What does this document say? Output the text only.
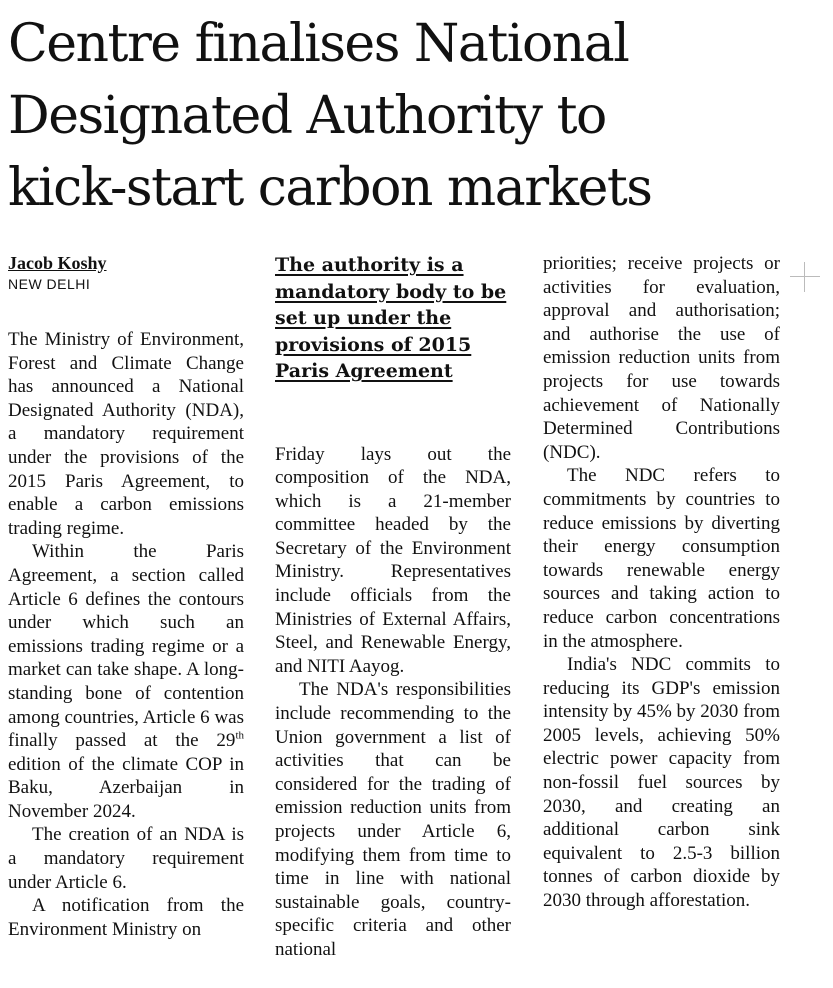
Centre finalises National
Designated Authority to
kick-start carbon markets
Jacob Koshy
NEW DELHI

The Ministry of Environment, Forest and Climate Change has announced a National Designated Authority (NDA), a mandatory requirement under the provisions of the 2015 Paris Agreement, to enable a carbon emissions trading regime.

Within the Paris Agreement, a section called Article 6 defines the contours under which such an emissions trading regime or a market can take shape. A long-standing bone of contention among countries, Article 6 was finally passed at the 29th edition of the climate COP in Baku, Azerbaijan in November 2024.

The creation of an NDA is a mandatory requirement under Article 6.

A notification from the Environment Ministry on

The authority is a mandatory body to be set up under the provisions of 2015 Paris Agreement

Friday lays out the composition of the NDA, which is a 21-member committee headed by the Secretary of the Environment Ministry. Representatives include officials from the Ministries of External Affairs, Steel, and Renewable Energy, and NITI Aayog.

The NDA's responsibilities include recommending to the Union government a list of activities that can be considered for the trading of emission reduction units from projects under Article 6, modifying them from time to time in line with national sustainable goals, country-specific criteria and other national

priorities; receive projects or activities for evaluation, approval and authorisation; and authorise the use of emission reduction units from projects for use towards achievement of Nationally Determined Contributions (NDC).

The NDC refers to commitments by countries to reduce emissions by diverting their energy consumption towards renewable energy sources and taking action to reduce carbon concentrations in the atmosphere.

India's NDC commits to reducing its GDP's emission intensity by 45% by 2030 from 2005 levels, achieving 50% electric power capacity from non-fossil fuel sources by 2030, and creating an additional carbon sink equivalent to 2.5-3 billion tonnes of carbon dioxide by 2030 through afforestation.
